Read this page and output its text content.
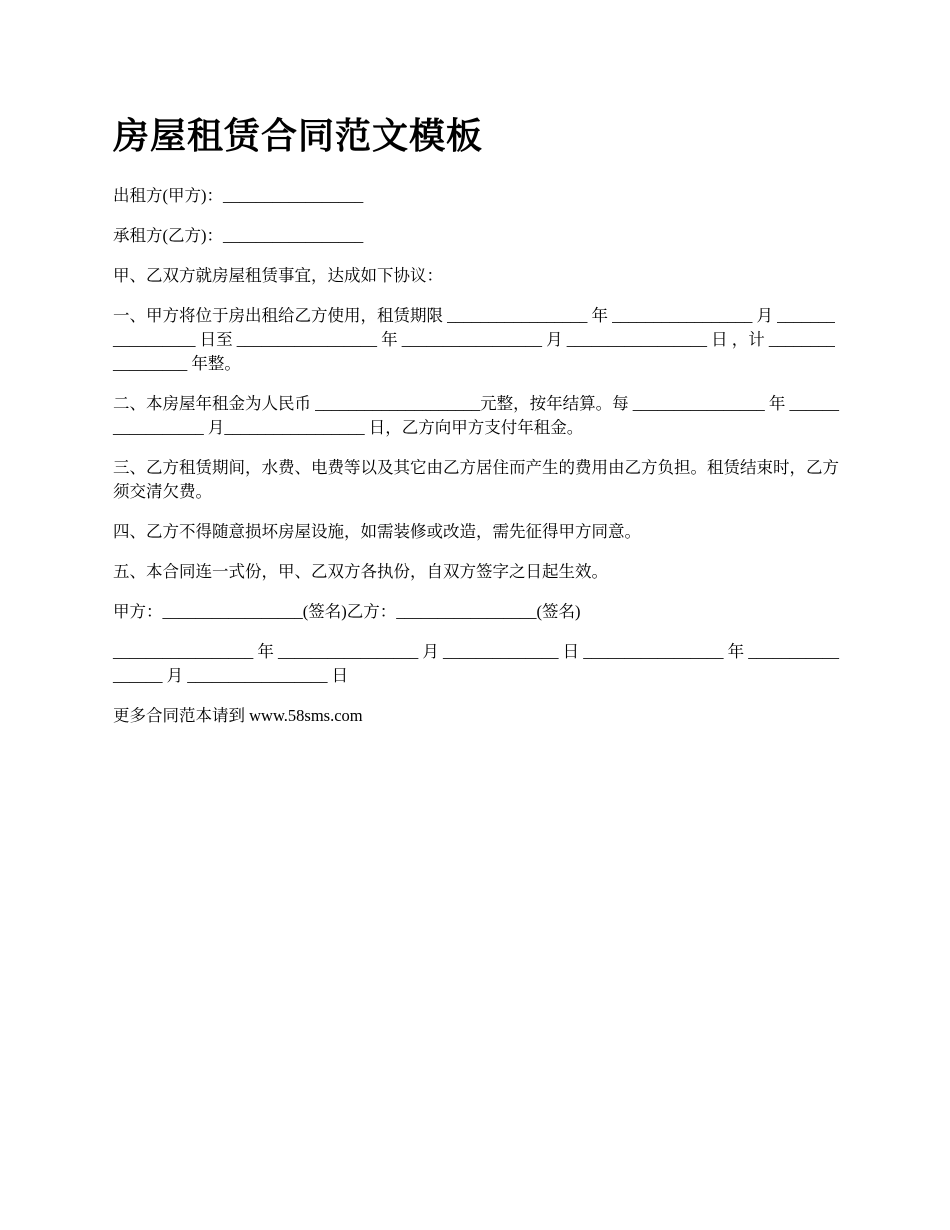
房屋租赁合同范文模板

出租方(甲方)：_________________

承租方(乙方)：_________________

甲、乙双方就房屋租赁事宜，达成如下协议：

一、甲方将位于房出租给乙方使用，租赁期限 _________________ 年 _________________ 月 _________________ 日至 _________________ 年 _________________ 月 _________________ 日 ，计 _________________ 年整。

二、本房屋年租金为人民币 ____________________元整，按年结算。每 ________________ 年 _________________ 月_________________ 日，乙方向甲方支付年租金。

三、乙方租赁期间，水费、电费等以及其它由乙方居住而产生的费用由乙方负担。租赁结束时，乙方须交清欠费。

四、乙方不得随意损坏房屋设施，如需装修或改造，需先征得甲方同意。

五、本合同连一式份，甲、乙双方各执份，自双方签字之日起生效。

甲方：_________________(签名)乙方：_________________(签名)

_________________ 年 _________________ 月 ______________ 日 _________________ 年 _________________ 月 _________________ 日

更多合同范本请到 www.58sms.com
